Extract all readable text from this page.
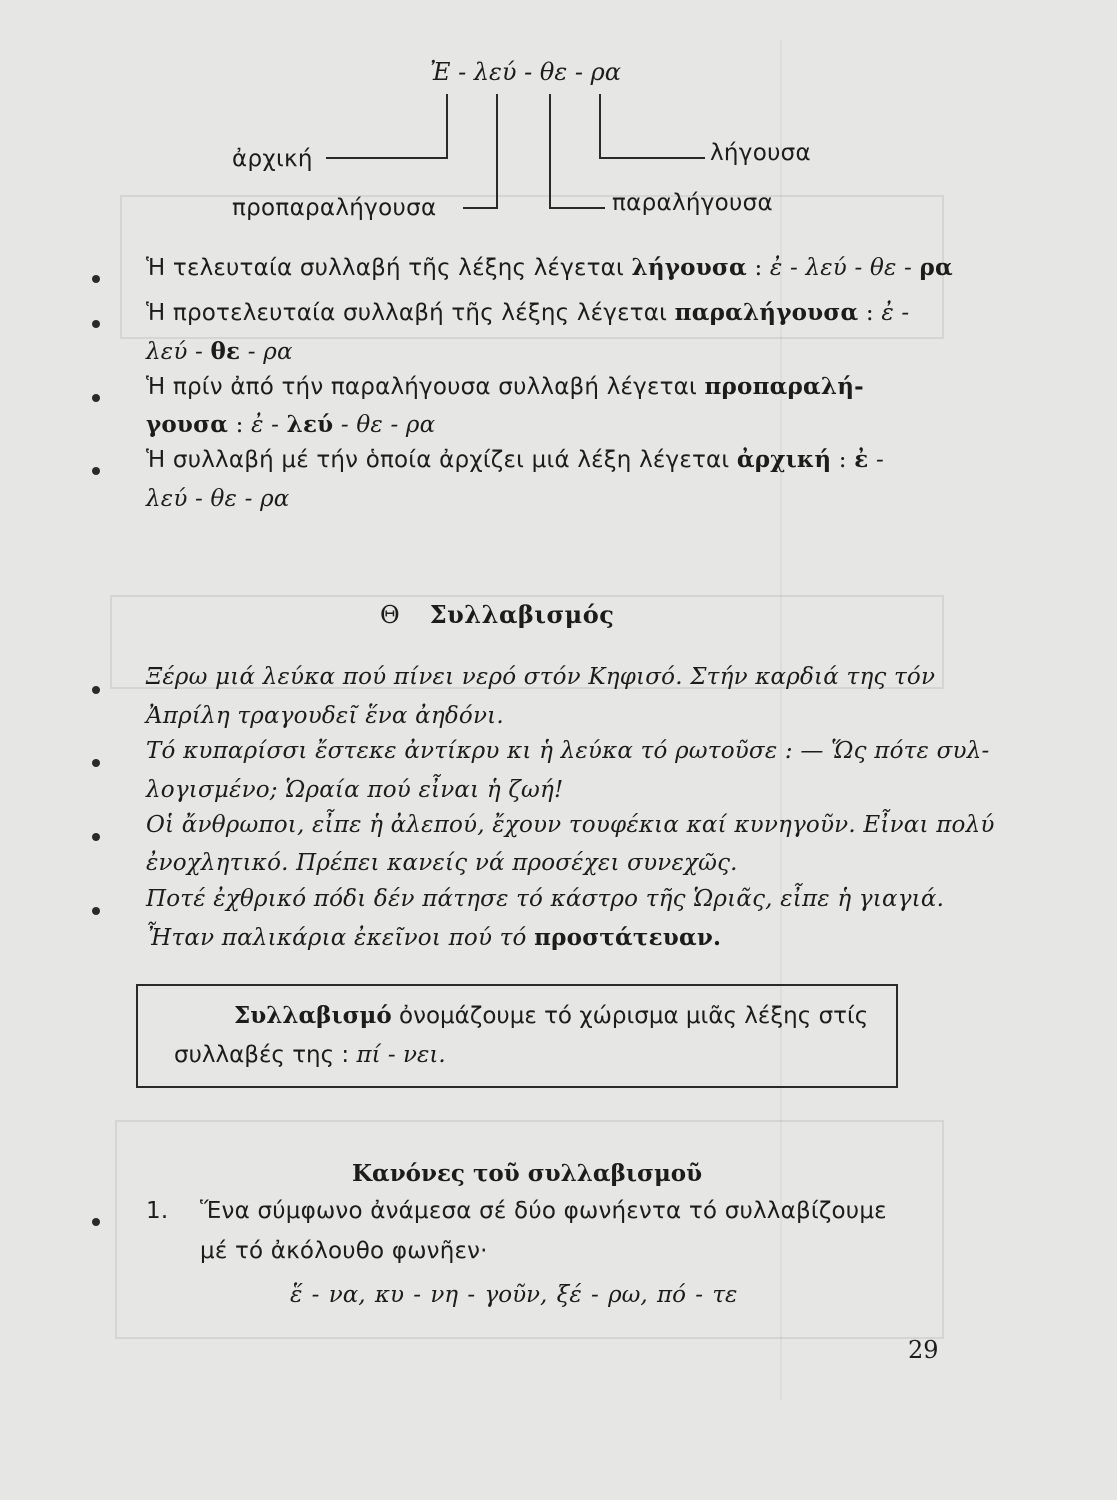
Ἐ - λεύ - θε - ρα
ἀρχική	λήγουσα
προπαραλήγουσα	παραλήγουσα
Ἡ τελευταία συλλαβή τῆς λέξης λέγεται λήγουσα : ἐ - λεύ - θε - ρα
Ἡ προτελευταία συλλαβή τῆς λέξης λέγεται παραλήγουσα : ἐ -
λεύ - θε - ρα
Ἡ πρίν ἀπό τήν παραλήγουσα συλλαβή λέγεται προπαραλή-
γουσα : ἐ - λεύ - θε - ρα
Ἡ συλλαβή μέ τήν ὁποία ἀρχίζει μιά λέξη λέγεται ἀρχική : ἐ -
λεύ - θε - ρα
Θ Συλλαβισμός
Ξέρω μιά λεύκα πού πίνει νερό στόν Κηφισό. Στήν καρδιά της τόν
Ἀπρίλη τραγουδεῖ ἕνα ἀηδόνι.
Τό κυπαρίσσι ἔστεκε ἀντίκρυ κι ἡ λεύκα τό ρωτοῦσε : — Ὥς πότε συλ-
λογισμένο; Ὡραία πού εἶναι ἡ ζωή!
Οἱ ἄνθρωποι, εἶπε ἡ ἀλεπού, ἔχουν τουφέκια καί κυνηγοῦν. Εἶναι πολύ
ἐνοχλητικό. Πρέπει κανείς νά προσέχει συνεχῶς.
Ποτέ ἐχθρικό πόδι δέν πάτησε τό κάστρο τῆς Ὡριᾶς, εἶπε ἡ γιαγιά.
Ἦταν παλικάρια ἐκεῖνοι πού τό προστάτευαν.
Συλλαβισμό ὀνομάζουμε τό χώρισμα μιᾶς λέξης στίς
συλλαβές της : πί - νει.
Κανόνες τοῦ συλλαβισμοῦ
1. Ἕνα σύμφωνο ἀνάμεσα σέ δύο φωνήεντα τό συλλαβίζουμε
μέ τό ἀκόλουθο φωνῆεν·
ἕ - να, κυ - νη - γοῦν, ξέ - ρω, πό - τε
29
